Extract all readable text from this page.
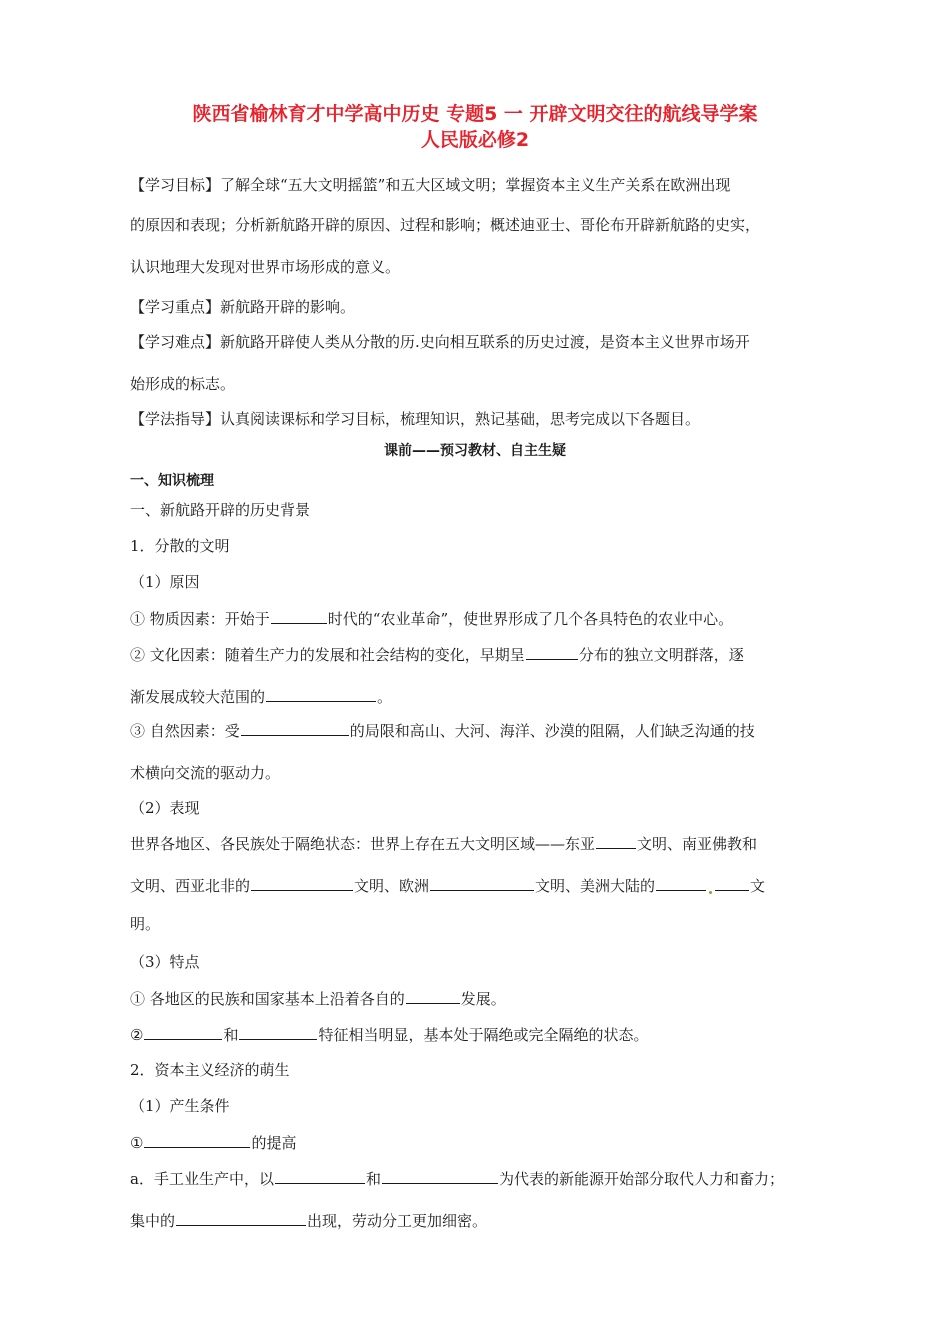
陕西省榆林育才中学高中历史 专题5 一 开辟文明交往的航线导学案
人民版必修2
【学习目标】了解全球“五大文明摇篮”和五大区域文明；掌握资本主义生产关系在欧洲出现
的原因和表现；分析新航路开辟的原因、过程和影响；概述迪亚士、哥伦布开辟新航路的史实，
认识地理大发现对世界市场形成的意义。
【学习重点】新航路开辟的影响。
【学习难点】新航路开辟使人类从分散的历.史向相互联系的历史过渡，是资本主义世界市场开
始形成的标志。
【学法指导】认真阅读课标和学习目标，梳理知识，熟记基础，思考完成以下各题目。
课前——预习教材、自主生疑
一、知识梳理
一、新航路开辟的历史背景
1．分散的文明
（1）原因
① 物质因素：开始于	时代的“农业革命”，使世界形成了几个各具特色的农业中心。
② 文化因素：随着生产力的发展和社会结构的变化，早期呈	分布的独立文明群落，逐
渐发展成较大范围的	。
③ 自然因素：受	的局限和高山、大河、海洋、沙漠的阻隔，人们缺乏沟通的技
术横向交流的驱动力。
（2）表现
世界各地区、各民族处于隔绝状态：世界上存在五大文明区域——东亚	文明、南亚佛教和
文明、西亚北非的	文明、欧洲	文明、美洲大陆的	文
明。
（3）特点
① 各地区的民族和国家基本上沿着各自的	发展。
②	和	特征相当明显，基本处于隔绝或完全隔绝的状态。
2．资本主义经济的萌生
（1）产生条件
①	的提高
a．手工业生产中，以	和	为代表的新能源开始部分取代人力和畜力；
集中的	出现，劳动分工更加细密。
